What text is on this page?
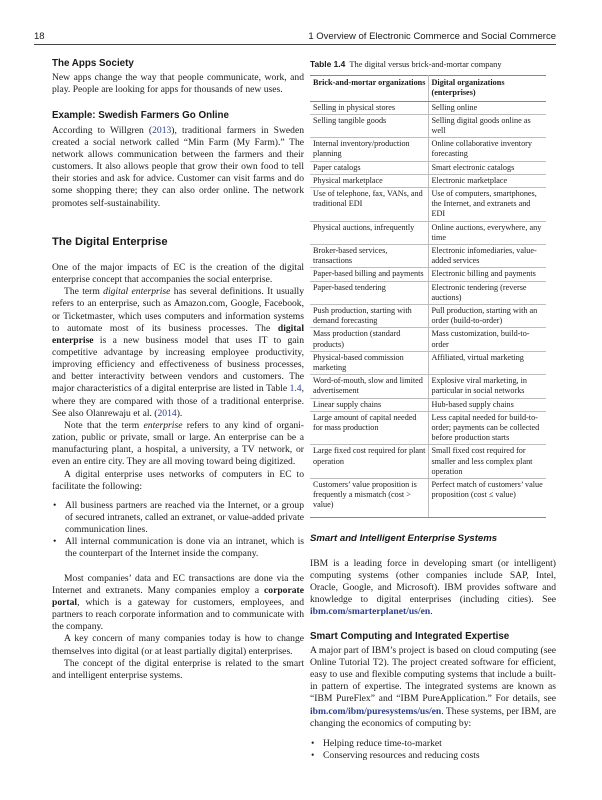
18	1 Overview of Electronic Commerce and Social Commerce

The Apps Society

New apps change the way that people communicate, work, and play. People are looking for apps for thousands of new uses.

Example: Swedish Farmers Go Online

According to Willgren (2013), traditional farmers in Sweden created a social network called “Min Farm (My Farm).” The network allows communication between the farmers and their customers. It also allows people that grow their own food to tell their stories and ask for advice. Customer can visit farms and do some shopping there; they can also order online. The network promotes self-sustainability.

The Digital Enterprise

One of the major impacts of EC is the creation of the digital enterprise concept that accompanies the social enterprise.

The term digital enterprise has several definitions. It usually refers to an enterprise, such as Amazon.com, Google, Facebook, or Ticketmaster, which uses computers and information systems to automate most of its business processes. The digital enterprise is a new business model that uses IT to gain competitive advantage by increasing employee productivity, improving efficiency and effectiveness of business processes, and better interactivity between vendors and customers. The major characteristics of a digital enterprise are listed in Table 1.4, where they are compared with those of a traditional enterprise. See also Olanrewaju et al. (2014).

Note that the term enterprise refers to any kind of organization, public or private, small or large. An enterprise can be a manufacturing plant, a hospital, a university, a TV network, or even an entire city. They are all moving toward being digitized.

A digital enterprise uses networks of computers in EC to facilitate the following:

• All business partners are reached via the Internet, or a group of secured intranets, called an extranet, or value-added private communication lines.
• All internal communication is done via an intranet, which is the counterpart of the Internet inside the company.

Most companies’ data and EC transactions are done via the Internet and extranets. Many companies employ a corporate portal, which is a gateway for customers, employees, and partners to reach corporate information and to communicate with the company.

A key concern of many companies today is how to change themselves into digital (or at least partially digital) enterprises.

The concept of the digital enterprise is related to the smart and intelligent enterprise systems.

Table 1.4 The digital versus brick-and-mortar company
Brick-and-mortar organizations	Digital organizations (enterprises)
Selling in physical stores	Selling online
Selling tangible goods	Selling digital goods online as well
Internal inventory/production planning	Online collaborative inventory forecasting
Paper catalogs	Smart electronic catalogs
Physical marketplace	Electronic marketplace
Use of telephone, fax, VANs, and traditional EDI	Use of computers, smartphones, the Internet, and extranets and EDI
Physical auctions, infrequently	Online auctions, everywhere, any time
Broker-based services, transactions	Electronic infomediaries, value-added services
Paper-based billing and payments	Electronic billing and payments
Paper-based tendering	Electronic tendering (reverse auctions)
Push production, starting with demand forecasting	Pull production, starting with an order (build-to-order)
Mass production (standard products)	Mass customization, build-to-order
Physical-based commission marketing	Affiliated, virtual marketing
Word-of-mouth, slow and limited advertisement	Explosive viral marketing, in particular in social networks
Linear supply chains	Hub-based supply chains
Large amount of capital needed for mass production	Less capital needed for build-to-order; payments can be collected before production starts
Large fixed cost required for plant operation	Small fixed cost required for smaller and less complex plant operation
Customers’ value proposition is frequently a mismatch (cost > value)	Perfect match of customers’ value proposition (cost ≤ value)

Smart and Intelligent Enterprise Systems

IBM is a leading force in developing smart (or intelligent) computing systems (other companies include SAP, Intel, Oracle, Google, and Microsoft). IBM provides software and knowledge to digital enterprises (including cities). See ibm.com/smarterplanet/us/en.

Smart Computing and Integrated Expertise

A major part of IBM’s project is based on cloud computing (see Online Tutorial T2). The project created software for efficient, easy to use and flexible computing systems that include a built-in pattern of expertise. The integrated systems are known as “IBM PureFlex” and “IBM PureApplication.” For details, see ibm.com/ibm/puresystems/us/en. These systems, per IBM, are changing the economics of computing by:

• Helping reduce time-to-market
• Conserving resources and reducing costs
